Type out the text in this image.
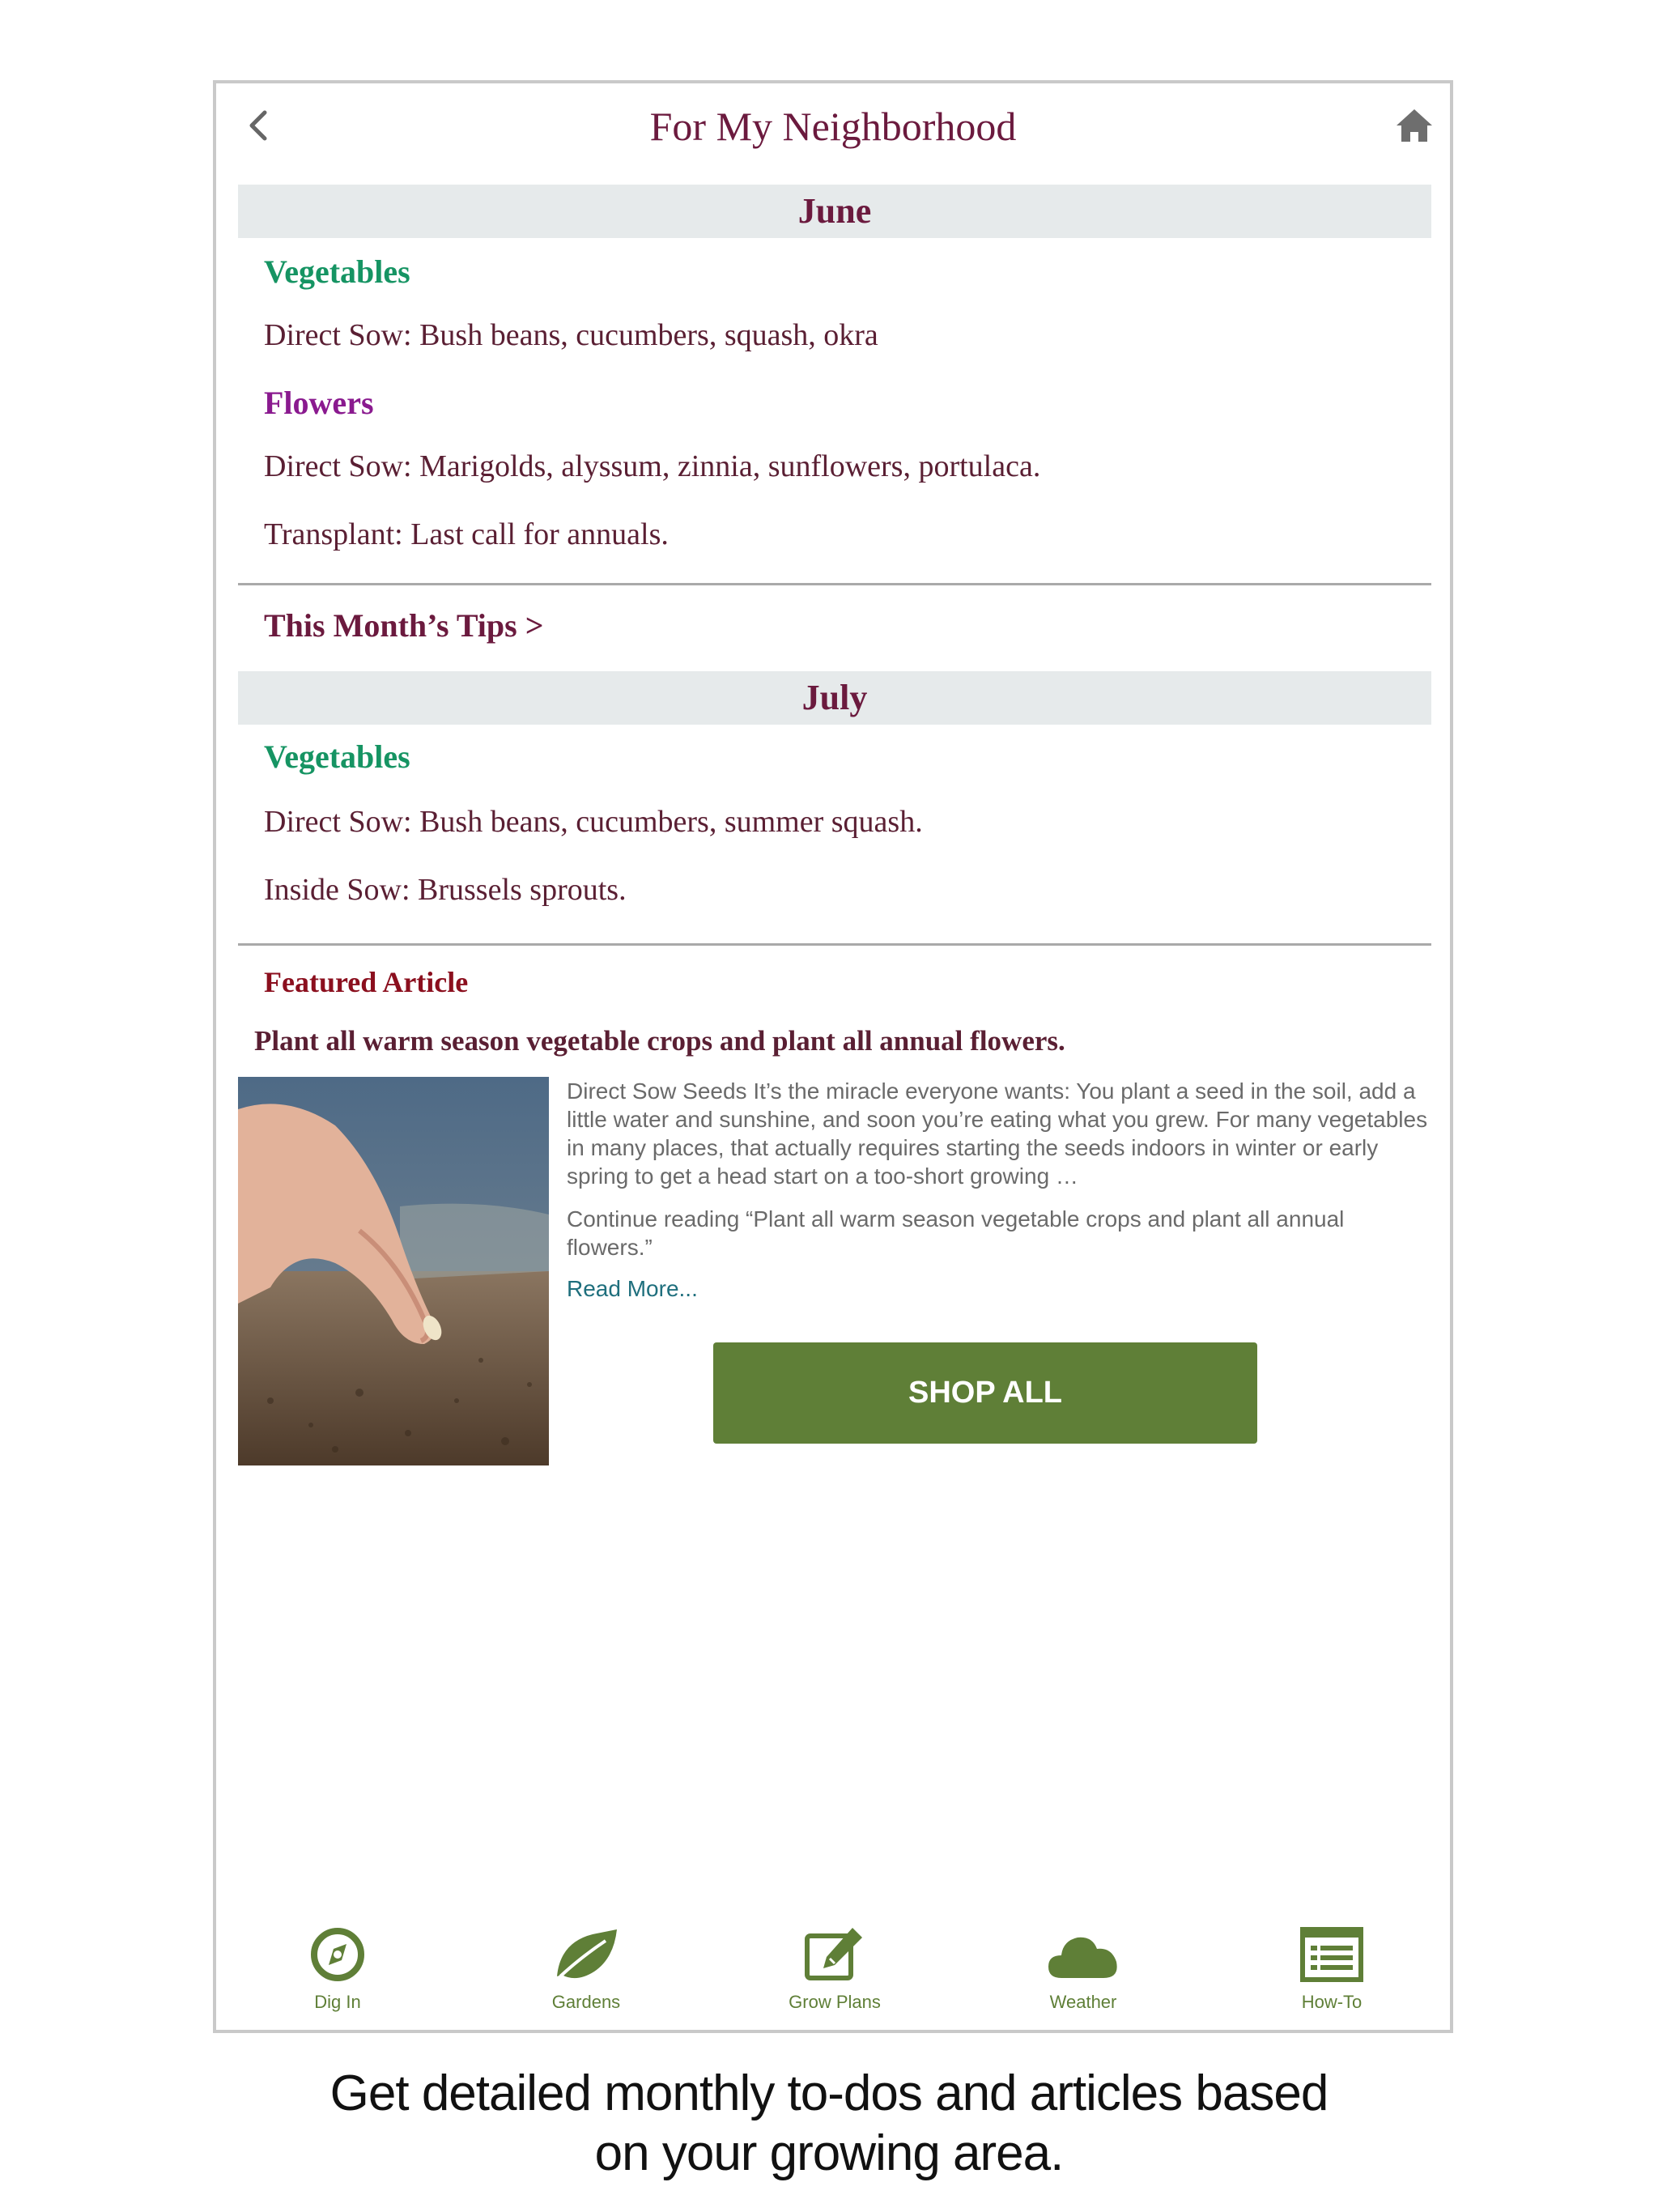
For My Neighborhood
June
Vegetables
Direct Sow: Bush beans, cucumbers, squash, okra
Flowers
Direct Sow: Marigolds, alyssum, zinnia, sunflowers, portulaca.
Transplant: Last call for annuals.
This Month’s Tips >
July
Vegetables
Direct Sow: Bush beans, cucumbers, summer squash.
Inside Sow: Brussels sprouts.
Featured Article
Plant all warm season vegetable crops and plant all annual flowers.
Direct Sow Seeds It’s the miracle everyone wants: You plant a seed in the soil, add a little water and sunshine, and soon you’re eating what you grew. For many vegetables in many places, that actually requires starting the seeds indoors in winter or early spring to get a head start on a too-short growing …
Continue reading “Plant all warm season vegetable crops and plant all annual flowers.”
Read More...
SHOP ALL
Dig In	Gardens	Grow Plans	Weather	How-To
Get detailed monthly to-dos and articles based
on your growing area.
